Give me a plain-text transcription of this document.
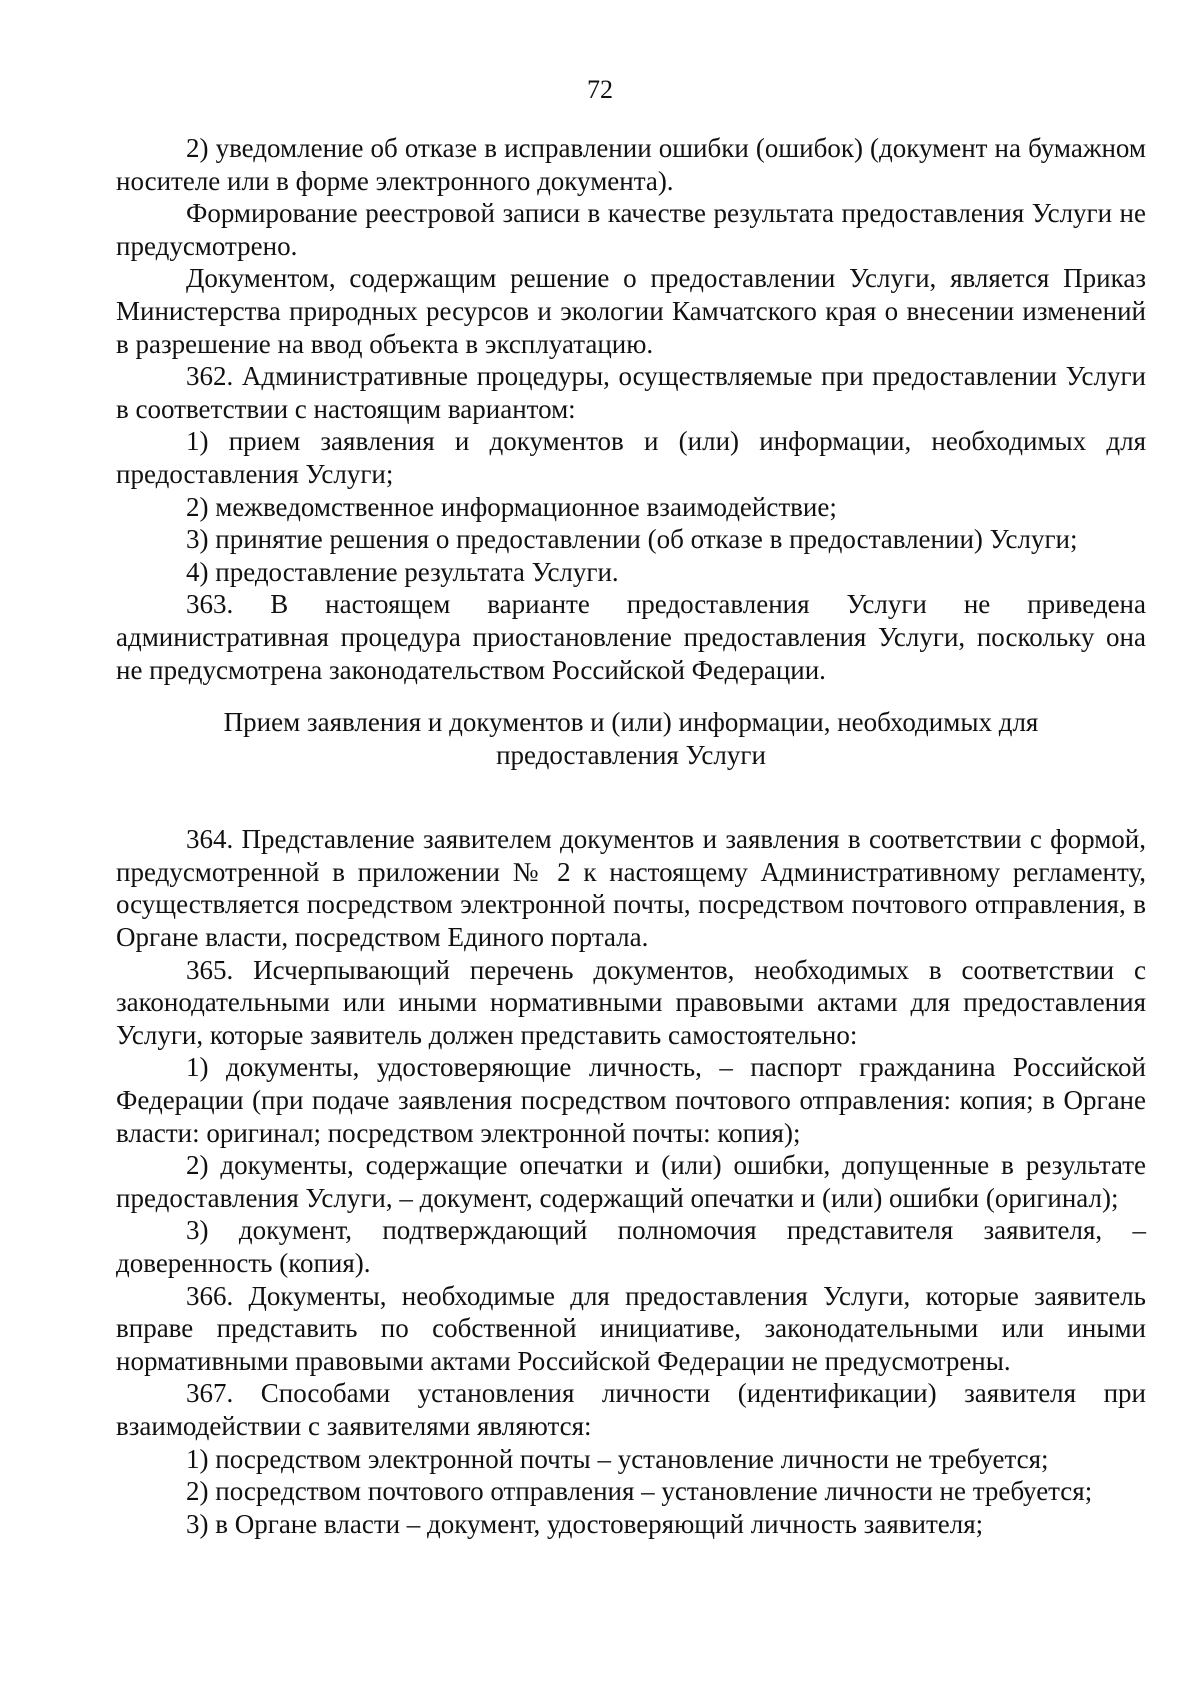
72

2) уведомление об отказе в исправлении ошибки (ошибок) (документ на бумажном носителе или в форме электронного документа).

Формирование реестровой записи в качестве результата предоставления Услуги не предусмотрено.

Документом, содержащим решение о предоставлении Услуги, является Приказ Министерства природных ресурсов и экологии Камчатского края о внесении изменений в разрешение на ввод объекта в эксплуатацию.

362. Административные процедуры, осуществляемые при предоставлении Услуги в соответствии с настоящим вариантом:

1) прием заявления и документов и (или) информации, необходимых для предоставления Услуги;

2) межведомственное информационное взаимодействие;

3) принятие решения о предоставлении (об отказе в предоставлении) Услуги;

4) предоставление результата Услуги.

363. В настоящем варианте предоставления Услуги не приведена административная процедура приостановление предоставления Услуги, поскольку она не предусмотрена законодательством Российской Федерации.

Прием заявления и документов и (или) информации, необходимых для предоставления Услуги

364. Представление заявителем документов и заявления в соответствии с формой, предусмотренной в приложении № 2 к настоящему Административному регламенту, осуществляется посредством электронной почты, посредством почтового отправления, в Органе власти, посредством Единого портала.

365. Исчерпывающий перечень документов, необходимых в соответствии с законодательными или иными нормативными правовыми актами для предоставления Услуги, которые заявитель должен представить самостоятельно:

1) документы, удостоверяющие личность, – паспорт гражданина Российской Федерации (при подаче заявления посредством почтового отправления: копия; в Органе власти: оригинал; посредством электронной почты: копия);

2) документы, содержащие опечатки и (или) ошибки, допущенные в результате предоставления Услуги, – документ, содержащий опечатки и (или) ошибки (оригинал);

3) документ, подтверждающий полномочия представителя заявителя, – доверенность (копия).

366. Документы, необходимые для предоставления Услуги, которые заявитель вправе представить по собственной инициативе, законодательными или иными нормативными правовыми актами Российской Федерации не предусмотрены.

367. Способами установления личности (идентификации) заявителя при взаимодействии с заявителями являются:

1) посредством электронной почты – установление личности не требуется;

2) посредством почтового отправления – установление личности не требуется;

3) в Органе власти – документ, удостоверяющий личность заявителя;
